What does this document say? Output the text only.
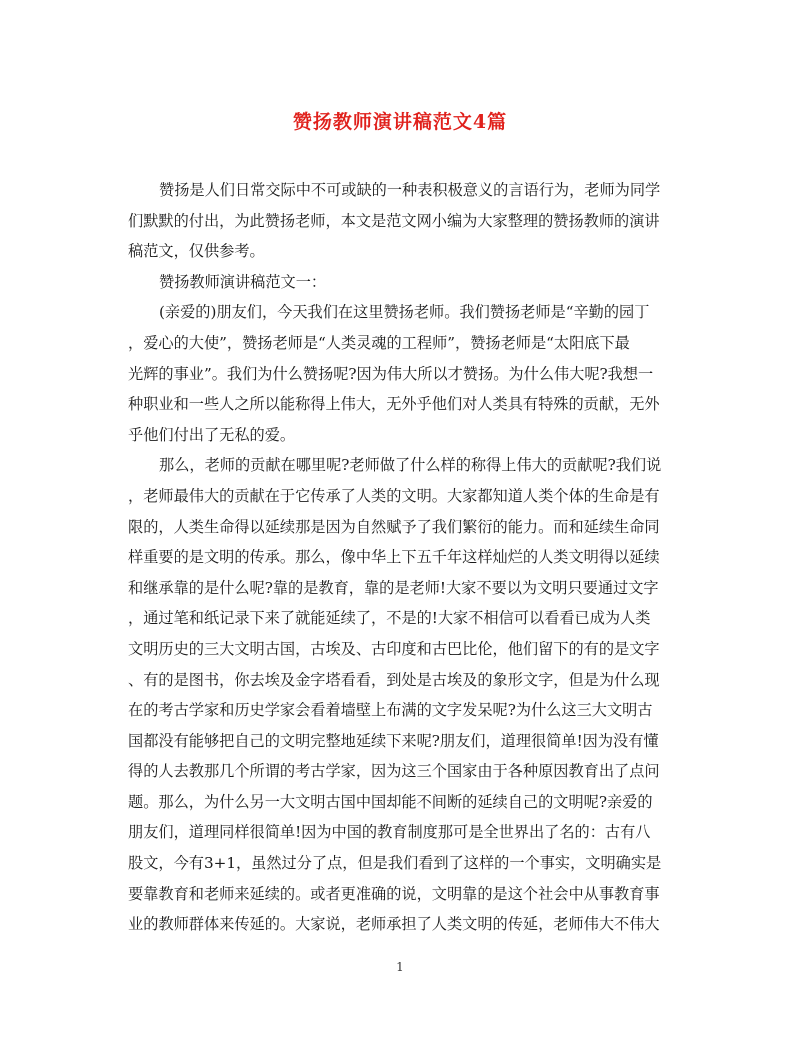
赞扬教师演讲稿范文4篇
赞扬是人们日常交际中不可或缺的一种表积极意义的言语行为，老师为同学
们默默的付出，为此赞扬老师，本文是范文网小编为大家整理的赞扬教师的演讲
稿范文，仅供参考。
赞扬教师演讲稿范文一：
(亲爱的)朋友们，今天我们在这里赞扬老师。我们赞扬老师是“辛勤的园丁
，爱心的大使”，赞扬老师是“人类灵魂的工程师”，赞扬老师是“太阳底下最
光辉的事业”。我们为什么赞扬呢?因为伟大所以才赞扬。为什么伟大呢?我想一
种职业和一些人之所以能称得上伟大，无外乎他们对人类具有特殊的贡献，无外
乎他们付出了无私的爱。
那么，老师的贡献在哪里呢?老师做了什么样的称得上伟大的贡献呢?我们说
，老师最伟大的贡献在于它传承了人类的文明。大家都知道人类个体的生命是有
限的，人类生命得以延续那是因为自然赋予了我们繁衍的能力。而和延续生命同
样重要的是文明的传承。那么，像中华上下五千年这样灿烂的人类文明得以延续
和继承靠的是什么呢?靠的是教育，靠的是老师!大家不要以为文明只要通过文字
，通过笔和纸记录下来了就能延续了，不是的!大家不相信可以看看已成为人类
文明历史的三大文明古国，古埃及、古印度和古巴比伦，他们留下的有的是文字
、有的是图书，你去埃及金字塔看看，到处是古埃及的象形文字，但是为什么现
在的考古学家和历史学家会看着墙壁上布满的文字发呆呢?为什么这三大文明古
国都没有能够把自己的文明完整地延续下来呢?朋友们，道理很简单!因为没有懂
得的人去教那几个所谓的考古学家，因为这三个国家由于各种原因教育出了点问
题。那么，为什么另一大文明古国中国却能不间断的延续自己的文明呢?亲爱的
朋友们，道理同样很简单!因为中国的教育制度那可是全世界出了名的：古有八
股文，今有3+1，虽然过分了点，但是我们看到了这样的一个事实，文明确实是
要靠教育和老师来延续的。或者更准确的说，文明靠的是这个社会中从事教育事
业的教师群体来传延的。大家说，老师承担了人类文明的传延，老师伟大不伟大
1
